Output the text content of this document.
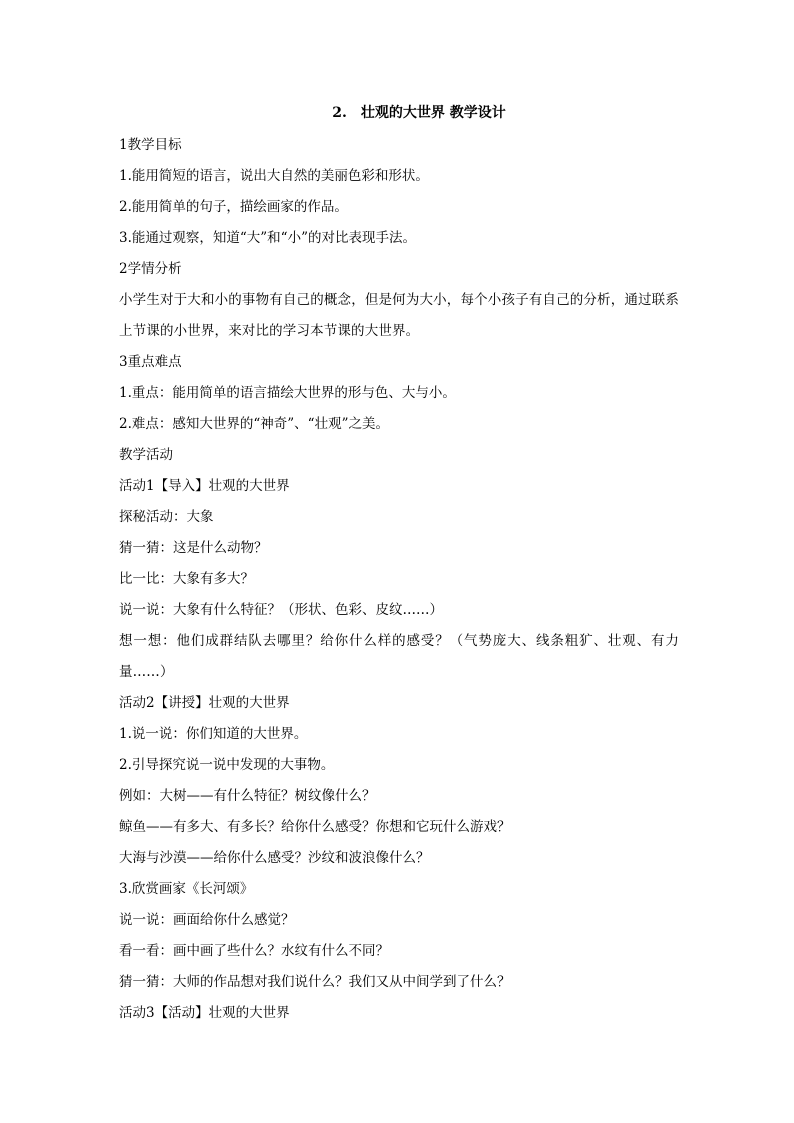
2.　壮观的大世界 教学设计

1教学目标

1.能用简短的语言，说出大自然的美丽色彩和形状。

2.能用简单的句子，描绘画家的作品。

3.能通过观察，知道“大”和“小”的对比表现手法。

2学情分析

小学生对于大和小的事物有自己的概念，但是何为大小，每个小孩子有自己的分析，通过联系上节课的小世界，来对比的学习本节课的大世界。

3重点难点

1.重点：能用简单的语言描绘大世界的形与色、大与小。

2.难点：感知大世界的“神奇”、“壮观”之美。

教学活动

活动1【导入】壮观的大世界

探秘活动：大象

猜一猜：这是什么动物？

比一比：大象有多大？

说一说：大象有什么特征？（形状、色彩、皮纹……）

想一想：他们成群结队去哪里？给你什么样的感受？（气势庞大、线条粗犷、壮观、有力量……）

活动2【讲授】壮观的大世界

1.说一说：你们知道的大世界。

2.引导探究说一说中发现的大事物。

例如：大树——有什么特征？树纹像什么？

鲸鱼——有多大、有多长？给你什么感受？你想和它玩什么游戏？

大海与沙漠——给你什么感受？沙纹和波浪像什么？

3.欣赏画家《长河颂》

说一说：画面给你什么感觉？

看一看：画中画了些什么？水纹有什么不同？

猜一猜：大师的作品想对我们说什么？我们又从中间学到了什么？

活动3【活动】壮观的大世界
